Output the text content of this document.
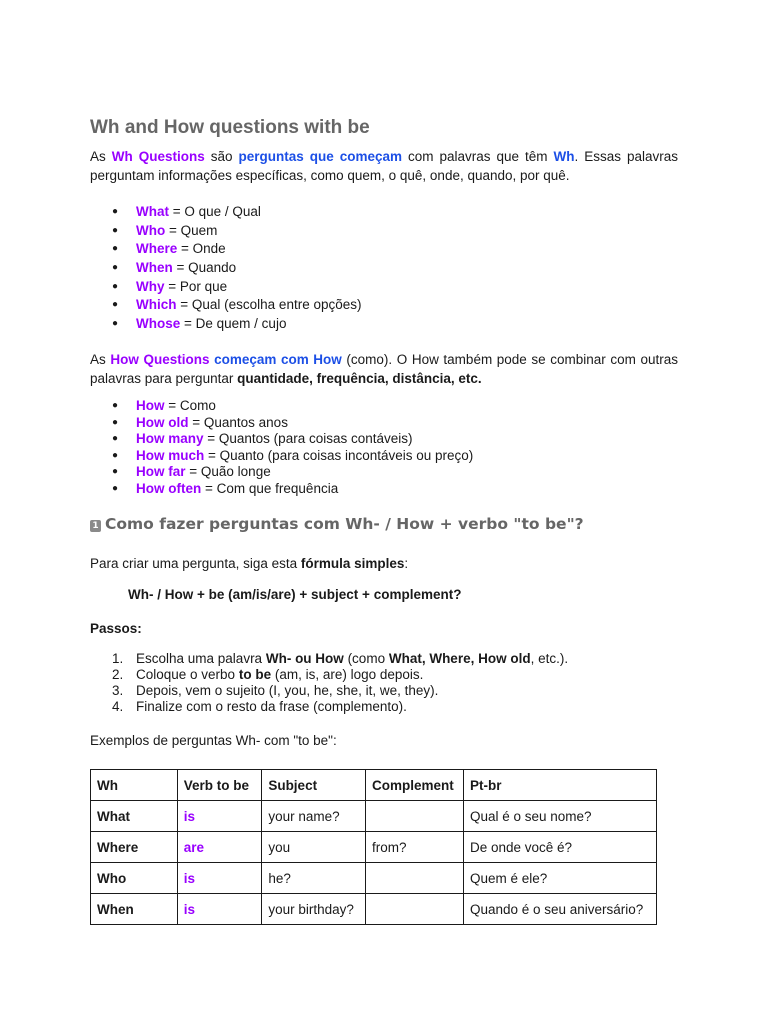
Wh and How questions with be

As Wh Questions são perguntas que começam com palavras que têm Wh. Essas palavras perguntam informações específicas, como quem, o quê, onde, quando, por quê.

● What = O que / Qual
● Who = Quem
● Where = Onde
● When = Quando
● Why = Por que
● Which = Qual (escolha entre opções)
● Whose = De quem / cujo

As How Questions começam com How (como). O How também pode se combinar com outras palavras para perguntar quantidade, frequência, distância, etc.

● How = Como
● How old = Quantos anos
● How many = Quantos (para coisas contáveis)
● How much = Quanto (para coisas incontáveis ou preço)
● How far = Quão longe
● How often = Com que frequência
1 Como fazer perguntas com Wh- / How + verbo "to be"?

Para criar uma pergunta, siga esta fórmula simples:

Wh- / How + be (am/is/are) + subject + complement?

Passos:

1. Escolha uma palavra Wh- ou How (como What, Where, How old, etc.).
2. Coloque o verbo to be (am, is, are) logo depois.
3. Depois, vem o sujeito (I, you, he, she, it, we, they).
4. Finalize com o resto da frase (complemento).

Exemplos de perguntas Wh- com "to be":

Wh	Verb to be	Subject	Complement	Pt-br
What	is	your name?		Qual é o seu nome?
Where	are	you	from?	De onde você é?
Who	is	he?		Quem é ele?
When	is	your birthday?		Quando é o seu aniversário?
